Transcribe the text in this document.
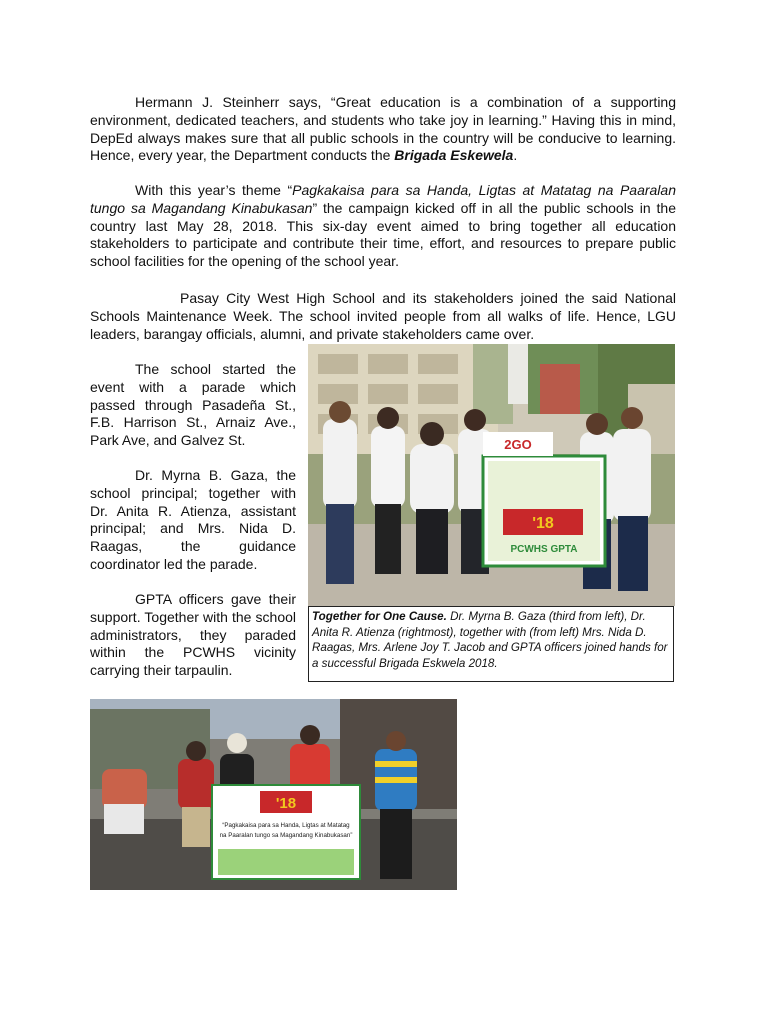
Hermann J. Steinherr says, “Great education is a combination of a supporting environment, dedicated teachers, and students who take joy in learning.” Having this in mind, DepEd always makes sure that all public schools in the country will be conducive to learning. Hence, every year, the Department conducts the Brigada Eskewela.

With this year’s theme “Pagkakaisa para sa Handa, Ligtas at Matatag na Paaralan tungo sa Magandang Kinabukasan” the campaign kicked off in all the public schools in the country last May 28, 2018. This six-day event aimed to bring together all education stakeholders to participate and contribute their time, effort, and resources to prepare public school facilities for the opening of the school year.

Pasay City West High School and its stakeholders joined the said National Schools Maintenance Week. The school invited people from all walks of life. Hence, LGU leaders, barangay officials, alumni, and private stakeholders came over.

The school started the event with a parade which passed through Pasadeña St., F.B. Harrison St., Arnaiz Ave., Park Ave, and Galvez St.

Dr. Myrna B. Gaza, the school principal; together with Dr. Anita R. Atienza, assistant principal; and Mrs. Nida D. Raagas, the guidance coordinator led the parade.

GPTA officers gave their support. Together with the school administrators, they paraded within the PCWHS vicinity carrying their tarpaulin.

'18
PCWHS GPTA
2GO
Together for One Cause. Dr. Myrna B. Gaza (third from left), Dr. Anita R. Atienza (rightmost), together with (from left) Mrs. Nida D. Raagas, Mrs. Arlene Joy T. Jacob and GPTA officers joined hands for a successful Brigada Eskwela 2018.
'18
“Pagkakaisa para sa Handa, Ligtas at Matatag
na Paaralan tungo sa Magandang Kinabukasan”
